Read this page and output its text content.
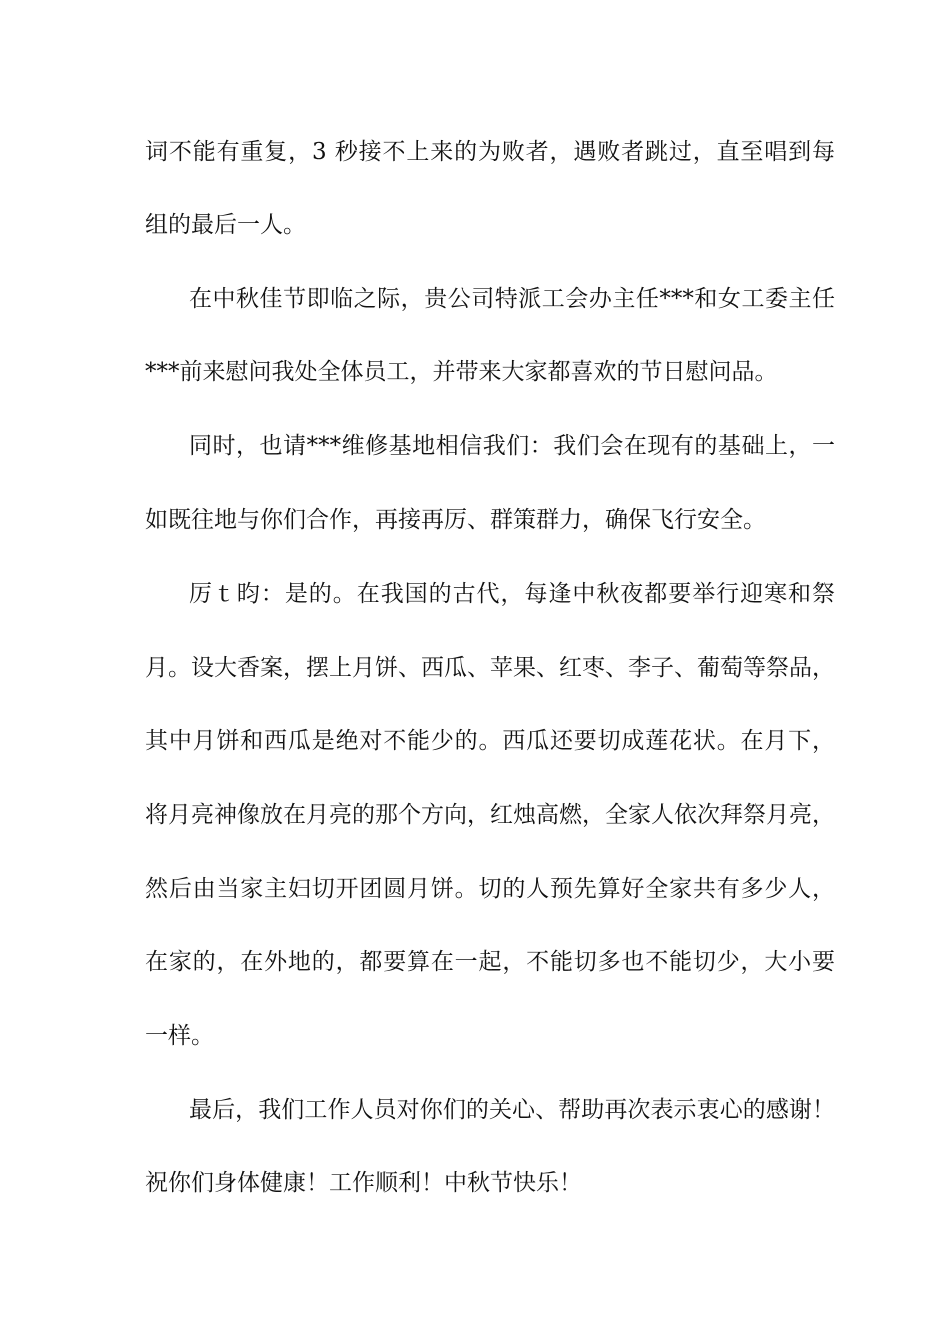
词不能有重复，3 秒接不上来的为败者，遇败者跳过，直至唱到每
组的最后一人。
在中秋佳节即临之际，贵公司特派工会办主任***和女工委主任
***前来慰问我处全体员工，并带来大家都喜欢的节日慰问品。
同时，也请***维修基地相信我们：我们会在现有的基础上，一
如既往地与你们合作，再接再厉、群策群力，确保飞行安全。
厉ｔ昀：是的。在我国的古代，每逢中秋夜都要举行迎寒和祭
月。设大香案，摆上月饼、西瓜、苹果、红枣、李子、葡萄等祭品，
其中月饼和西瓜是绝对不能少的。西瓜还要切成莲花状。在月下，
将月亮神像放在月亮的那个方向，红烛高燃，全家人依次拜祭月亮，
然后由当家主妇切开团圆月饼。切的人预先算好全家共有多少人，
在家的，在外地的，都要算在一起，不能切多也不能切少，大小要
一样。
最后，我们工作人员对你们的关心、帮助再次表示衷心的感谢！
祝你们身体健康！工作顺利！中秋节快乐！
